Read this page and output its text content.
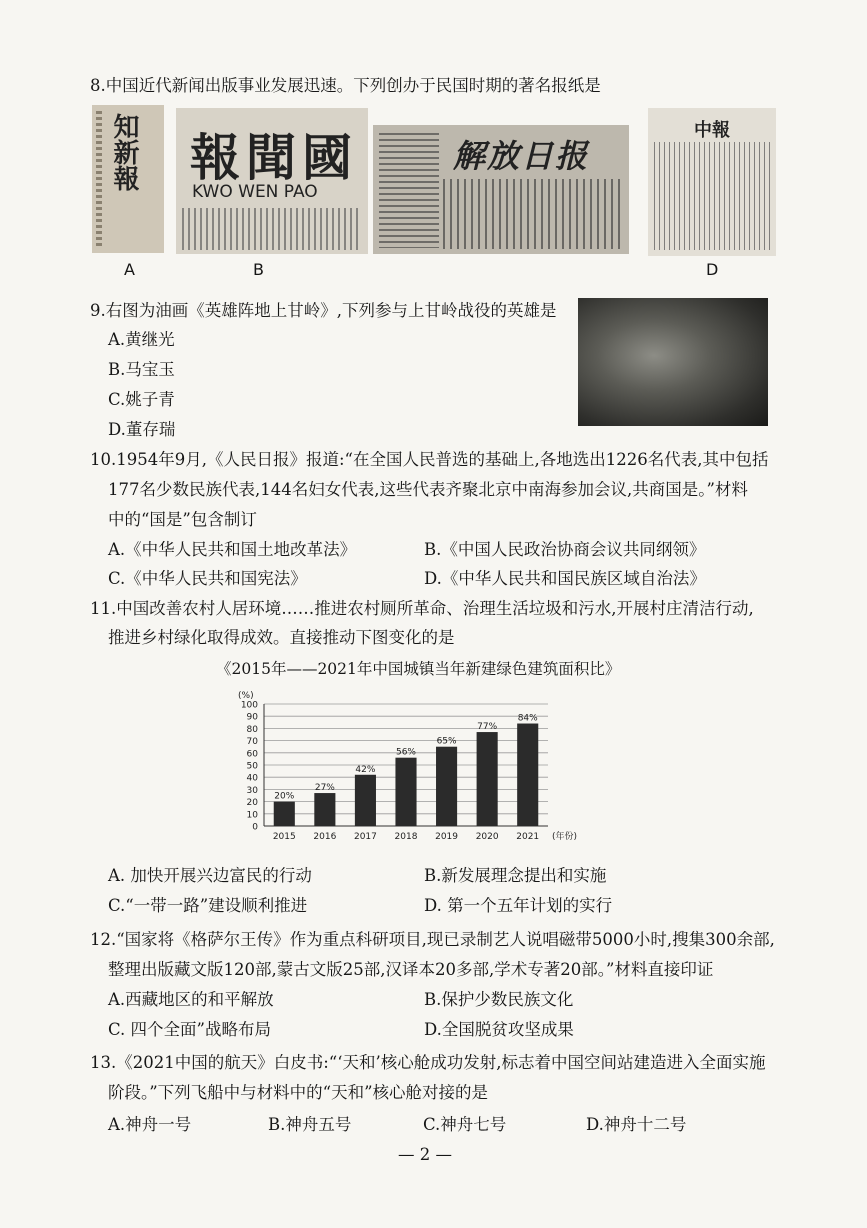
8.中国近代新闻出版事业发展迅速。下列创办于民国时期的著名报纸是
知新報 報聞國
KWO WEN PAO
解放日报
中報
A	B	D
9.右图为油画《英雄阵地上甘岭》,下列参与上甘岭战役的英雄是
A.黄继光
B.马宝玉
C.姚子青
D.董存瑞
10.1954年9月,《人民日报》报道:“在全国人民普选的基础上,各地选出1226名代表,其中包括
177名少数民族代表,144名妇女代表,这些代表齐聚北京中南海参加会议,共商国是。”材料
中的“国是”包含制订
A.《中华人民共和国土地改革法》	B.《中国人民政治协商会议共同纲领》
C.《中华人民共和国宪法》	D.《中华人民共和国民族区域自治法》
11.中国改善农村人居环境……推进农村厕所革命、治理生活垃圾和污水,开展村庄清洁行动,
推进乡村绿化取得成效。直接推动下图变化的是
《2015年——2021年中国城镇当年新建绿色建筑面积比》
0
10
20
30
40
50
60
70
80
90
100
(%)
20%
2015
27%
2016
42%
2017
56%
2018
65%
2019
77%
2020
84%
2021 (年份)
A. 加快开展兴边富民的行动	B.新发展理念提出和实施
C.“一带一路”建设顺利推进	D. 第一个五年计划的实行
12.“国家将《格萨尔王传》作为重点科研项目,现已录制艺人说唱磁带5000小时,搜集300余部,
整理出版藏文版120部,蒙古文版25部,汉译本20多部,学术专著20部。”材料直接印证
A.西藏地区的和平解放	B.保护少数民族文化
C. 四个全面”战略布局	D.全国脱贫攻坚成果
13.《2021中国的航天》白皮书:“‘天和’核心舱成功发射,标志着中国空间站建造进入全面实施
阶段。”下列飞船中与材料中的“天和”核心舱对接的是
A.神舟一号	B.神舟五号	C.神舟七号	D.神舟十二号
— 2 —
